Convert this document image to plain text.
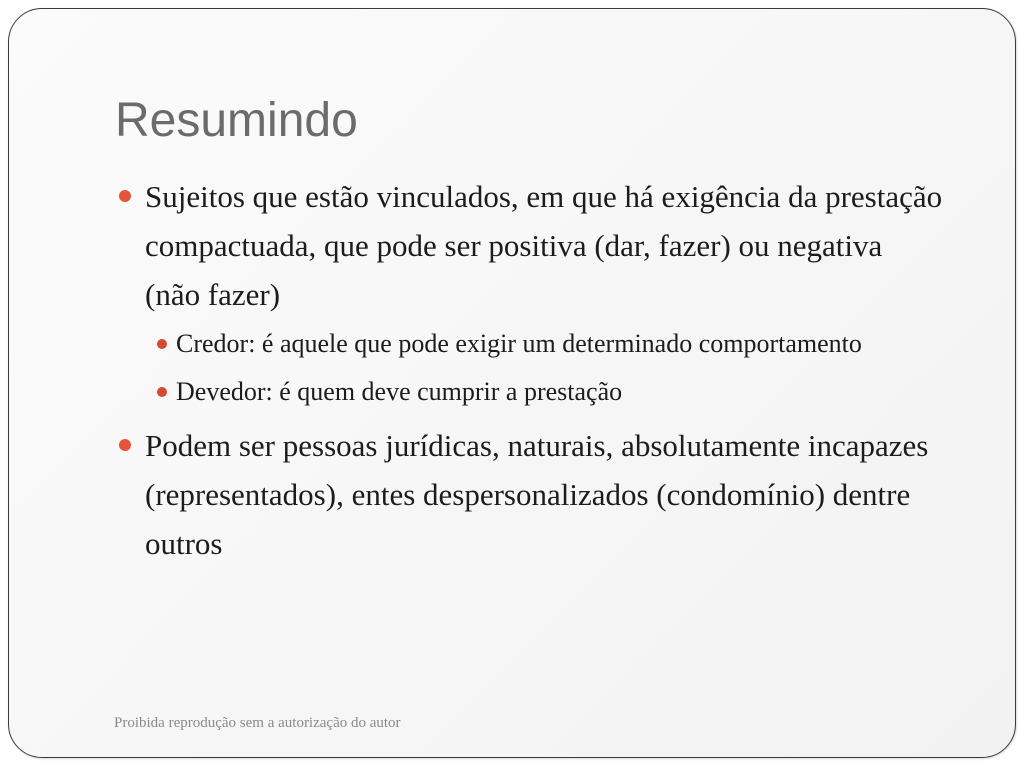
Resumindo
Sujeitos que estão vinculados, em que há exigência da prestação compactuada, que pode ser positiva (dar, fazer) ou negativa (não fazer)
Credor: é aquele que pode exigir um determinado comportamento
Devedor: é quem deve cumprir a prestação
Podem ser pessoas jurídicas, naturais, absolutamente incapazes (representados), entes despersonalizados (condomínio) dentre outros
Proibida reprodução sem a autorização do autor
